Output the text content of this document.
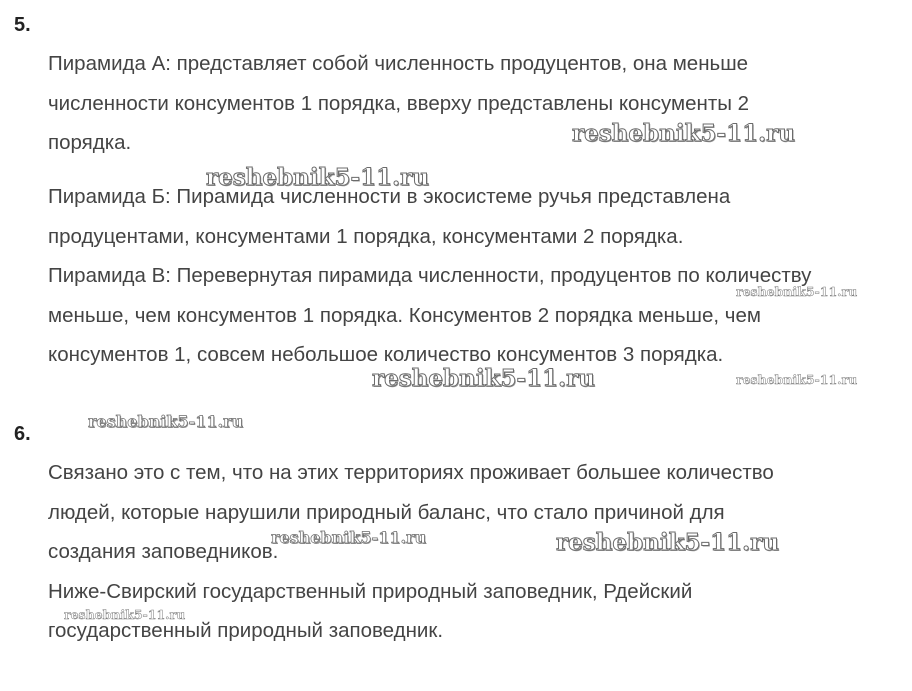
5.
Пирамида А: представляет собой численность продуцентов, она меньше
численности консументов 1 порядка, вверху представлены консументы 2
порядка.
Пирамида Б: Пирамида численности в экосистеме ручья представлена
продуцентами, консументами 1 порядка, консументами 2 порядка.
Пирамида В: Перевернутая пирамида численности, продуцентов по количеству
меньше, чем консументов 1 порядка. Консументов 2 порядка меньше, чем
консументов 1, совсем небольшое количество консументов 3 порядка.
6.
Связано это с тем, что на этих территориях проживает большее количество
людей, которые нарушили природный баланс, что стало причиной для
создания заповедников.
Ниже-Свирский государственный природный заповедник, Рдейский
государственный природный заповедник.
reshebnik5-11.ru
reshebnik5-11.ru
reshebnik5-11.ru
reshebnik5-11.ru	reshebnik5-11.ru
reshebnik5-11.ru
reshebnik5-11.ru	reshebnik5-11.ru
reshebnik5-11.ru
